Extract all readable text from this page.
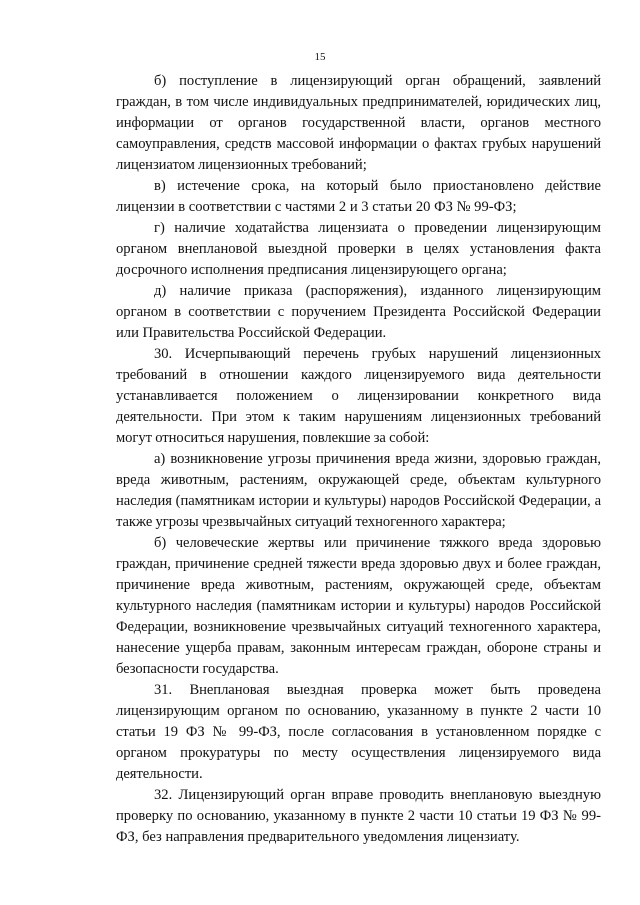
15

б) поступление в лицензирующий орган обращений, заявлений граждан, в том числе индивидуальных предпринимателей, юридических лиц, информации от органов государственной власти, органов местного самоуправления, средств массовой информации о фактах грубых нарушений лицензиатом лицензионных требований;

в) истечение срока, на который было приостановлено действие лицензии в соответствии с частями 2 и 3 статьи 20 ФЗ № 99-ФЗ;

г) наличие ходатайства лицензиата о проведении лицензирующим органом внеплановой выездной проверки в целях установления факта досрочного исполнения предписания лицензирующего органа;

д) наличие приказа (распоряжения), изданного лицензирующим органом в соответствии с поручением Президента Российской Федерации или Правительства Российской Федерации.

30. Исчерпывающий перечень грубых нарушений лицензионных требований в отношении каждого лицензируемого вида деятельности устанавливается положением о лицензировании конкретного вида деятельности. При этом к таким нарушениям лицензионных требований могут относиться нарушения, повлекшие за собой:

а) возникновение угрозы причинения вреда жизни, здоровью граждан, вреда животным, растениям, окружающей среде, объектам культурного наследия (памятникам истории и культуры) народов Российской Федерации, а также угрозы чрезвычайных ситуаций техногенного характера;

б) человеческие жертвы или причинение тяжкого вреда здоровью граждан, причинение средней тяжести вреда здоровью двух и более граждан, причинение вреда животным, растениям, окружающей среде, объектам культурного наследия (памятникам истории и культуры) народов Российской Федерации, возникновение чрезвычайных ситуаций техногенного характера, нанесение ущерба правам, законным интересам граждан, обороне страны и безопасности государства.

31. Внеплановая выездная проверка может быть проведена лицензирующим органом по основанию, указанному в пункте 2 части 10 статьи 19 ФЗ № 99-ФЗ, после согласования в установленном порядке с органом прокуратуры по месту осуществления лицензируемого вида деятельности.

32. Лицензирующий орган вправе проводить внеплановую выездную проверку по основанию, указанному в пункте 2 части 10 статьи 19 ФЗ № 99-ФЗ, без направления предварительного уведомления лицензиату.
